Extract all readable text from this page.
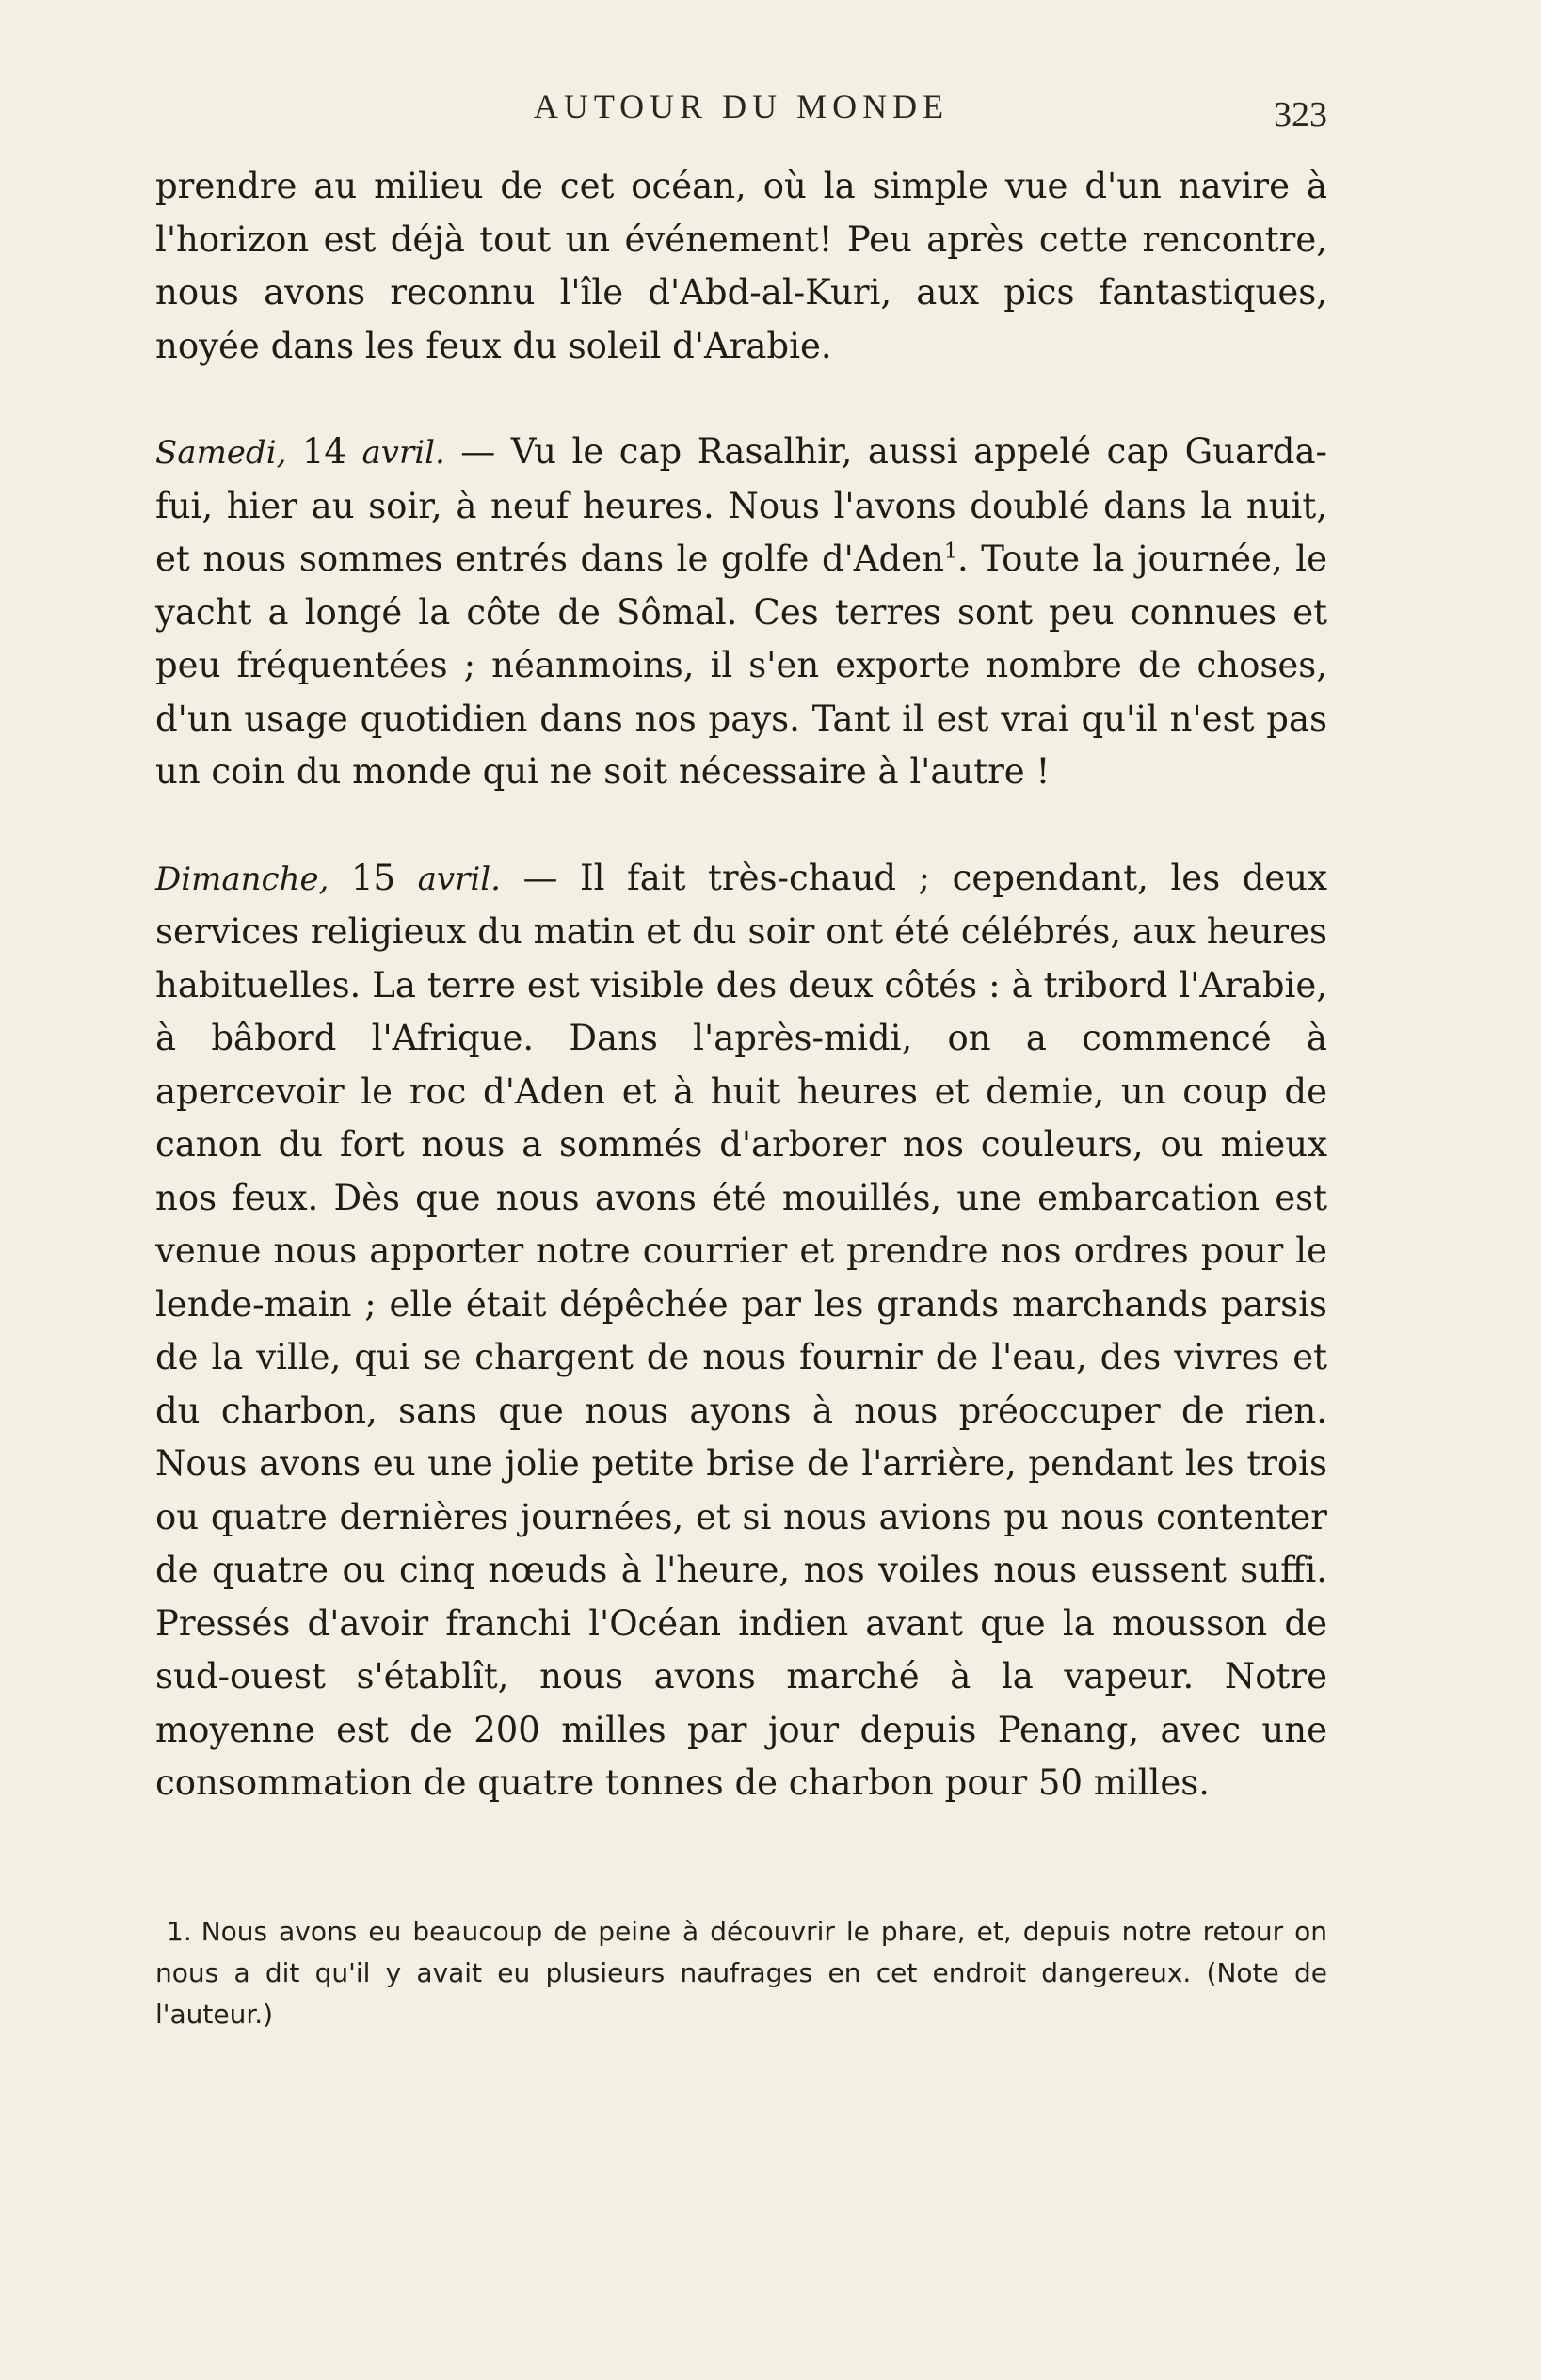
AUTOUR DU MONDE	323

prendre au milieu de cet océan, où la simple vue d'un navire à l'horizon est déjà tout un événement! Peu après cette rencontre, nous avons reconnu l'île d'Abd-al-Kuri, aux pics fantastiques, noyée dans les feux du soleil d'Arabie.

Samedi, 14 avril. — Vu le cap Rasalhir, aussi appelé cap Guarda-fui, hier au soir, à neuf heures. Nous l'avons doublé dans la nuit, et nous sommes entrés dans le golfe d'Aden$^1$. Toute la journée, le yacht a longé la côte de Sômal. Ces terres sont peu connues et peu fréquentées ; néanmoins, il s'en exporte nombre de choses, d'un usage quotidien dans nos pays. Tant il est vrai qu'il n'est pas un coin du monde qui ne soit nécessaire à l'autre !

Dimanche, 15 avril. — Il fait très-chaud ; cependant, les deux services religieux du matin et du soir ont été célébrés, aux heures habituelles. La terre est visible des deux côtés : à tribord l'Arabie, à bâbord l'Afrique. Dans l'après-midi, on a commencé à apercevoir le roc d'Aden et à huit heures et demie, un coup de canon du fort nous a sommés d'arborer nos couleurs, ou mieux nos feux. Dès que nous avons été mouillés, une embarcation est venue nous apporter notre courrier et prendre nos ordres pour le lende-main ; elle était dépêchée par les grands marchands parsis de la ville, qui se chargent de nous fournir de l'eau, des vivres et du charbon, sans que nous ayons à nous préoccuper de rien. Nous avons eu une jolie petite brise de l'arrière, pendant les trois ou quatre dernières journées, et si nous avions pu nous contenter de quatre ou cinq nœuds à l'heure, nos voiles nous eussent suffi. Pressés d'avoir franchi l'Océan indien avant que la mousson de sud-ouest s'établît, nous avons marché à la vapeur. Notre moyenne est de 200 milles par jour depuis Penang, avec une consommation de quatre tonnes de charbon pour 50 milles.

1. Nous avons eu beaucoup de peine à découvrir le phare, et, depuis notre retour on nous a dit qu'il y avait eu plusieurs naufrages en cet endroit dangereux. (Note de l'auteur.)
